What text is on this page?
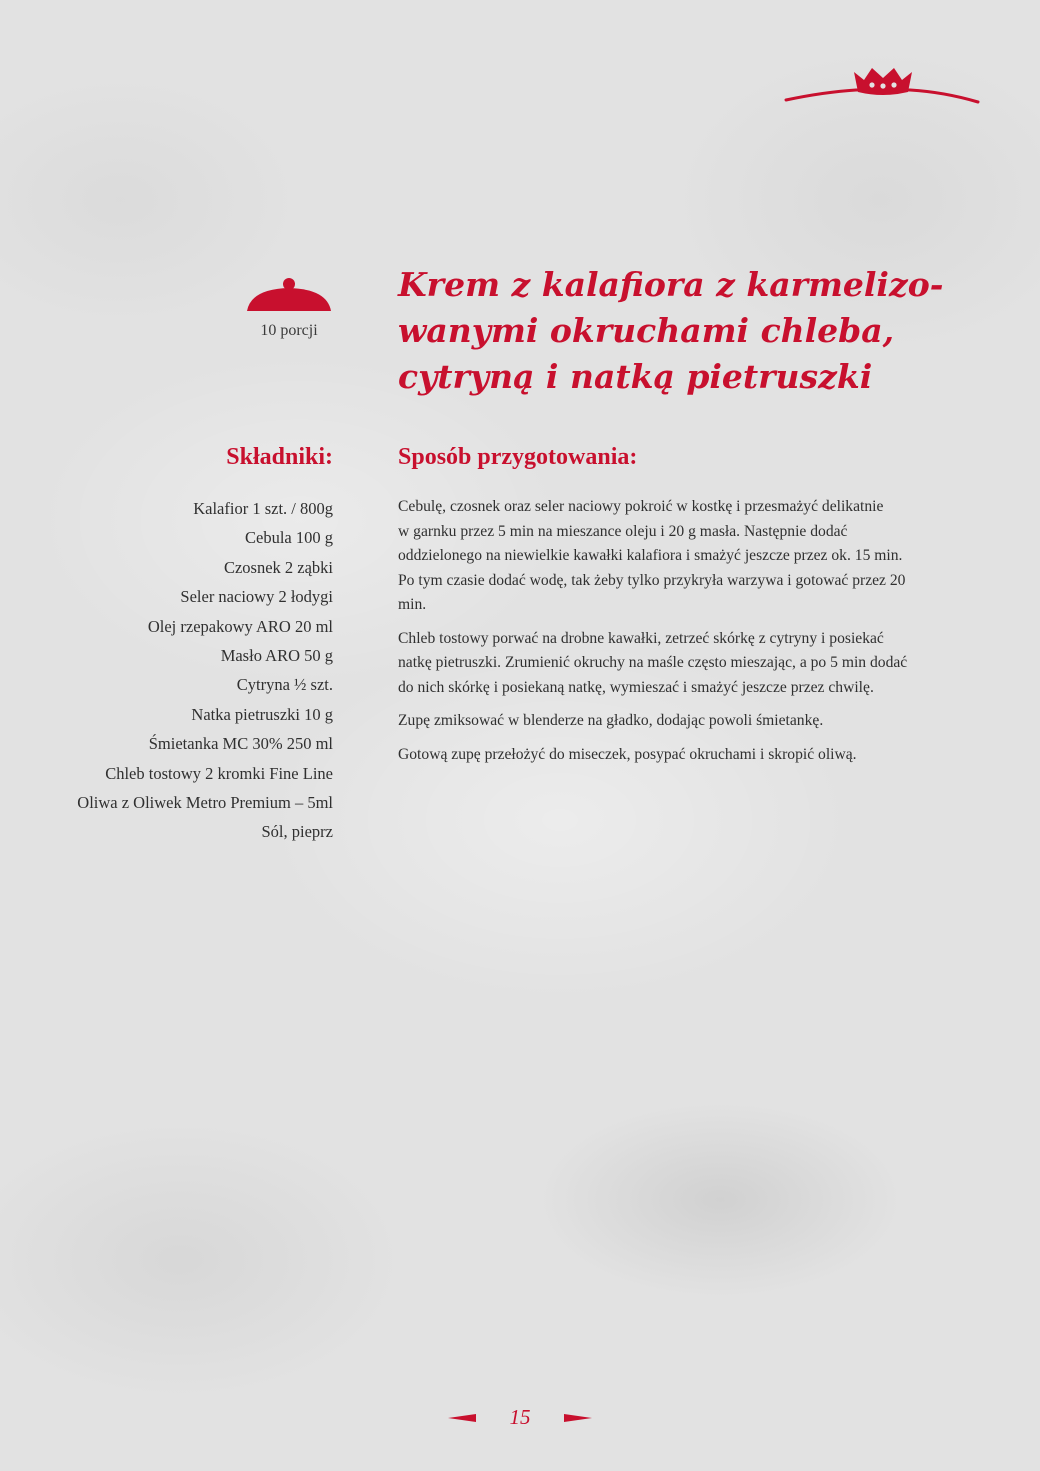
10 porcji
Krem z kalafiora z karmelizo-
wanymi okruchami chleba,
cytryną i natką pietruszki
Składniki:
Kalafior 1 szt. / 800g
Cebula 100 g
Czosnek 2 ząbki
Seler naciowy 2 łodygi
Olej rzepakowy ARO 20 ml
Masło ARO 50 g
Cytryna ½ szt.
Natka pietruszki 10 g
Śmietanka MC 30% 250 ml
Chleb tostowy 2 kromki Fine Line
Oliwa z Oliwek Metro Premium – 5ml
Sól, pieprz
Sposób przygotowania:

Cebulę, czosnek oraz seler naciowy pokroić w kostkę i przesmażyć delikatnie
w garnku przez 5 min na mieszance oleju i 20 g masła. Następnie dodać
oddzielonego na niewielkie kawałki kalafiora i smażyć jeszcze przez ok. 15 min.
Po tym czasie dodać wodę, tak żeby tylko przykryła warzywa i gotować przez 20
min.

Chleb tostowy porwać na drobne kawałki, zetrzeć skórkę z cytryny i posiekać
natkę pietruszki. Zrumienić okruchy na maśle często mieszając, a po 5 min dodać
do nich skórkę i posiekaną natkę, wymieszać i smażyć jeszcze przez chwilę.

Zupę zmiksować w blenderze na gładko, dodając powoli śmietankę.

Gotową zupę przełożyć do miseczek, posypać okruchami i skropić oliwą.

15
